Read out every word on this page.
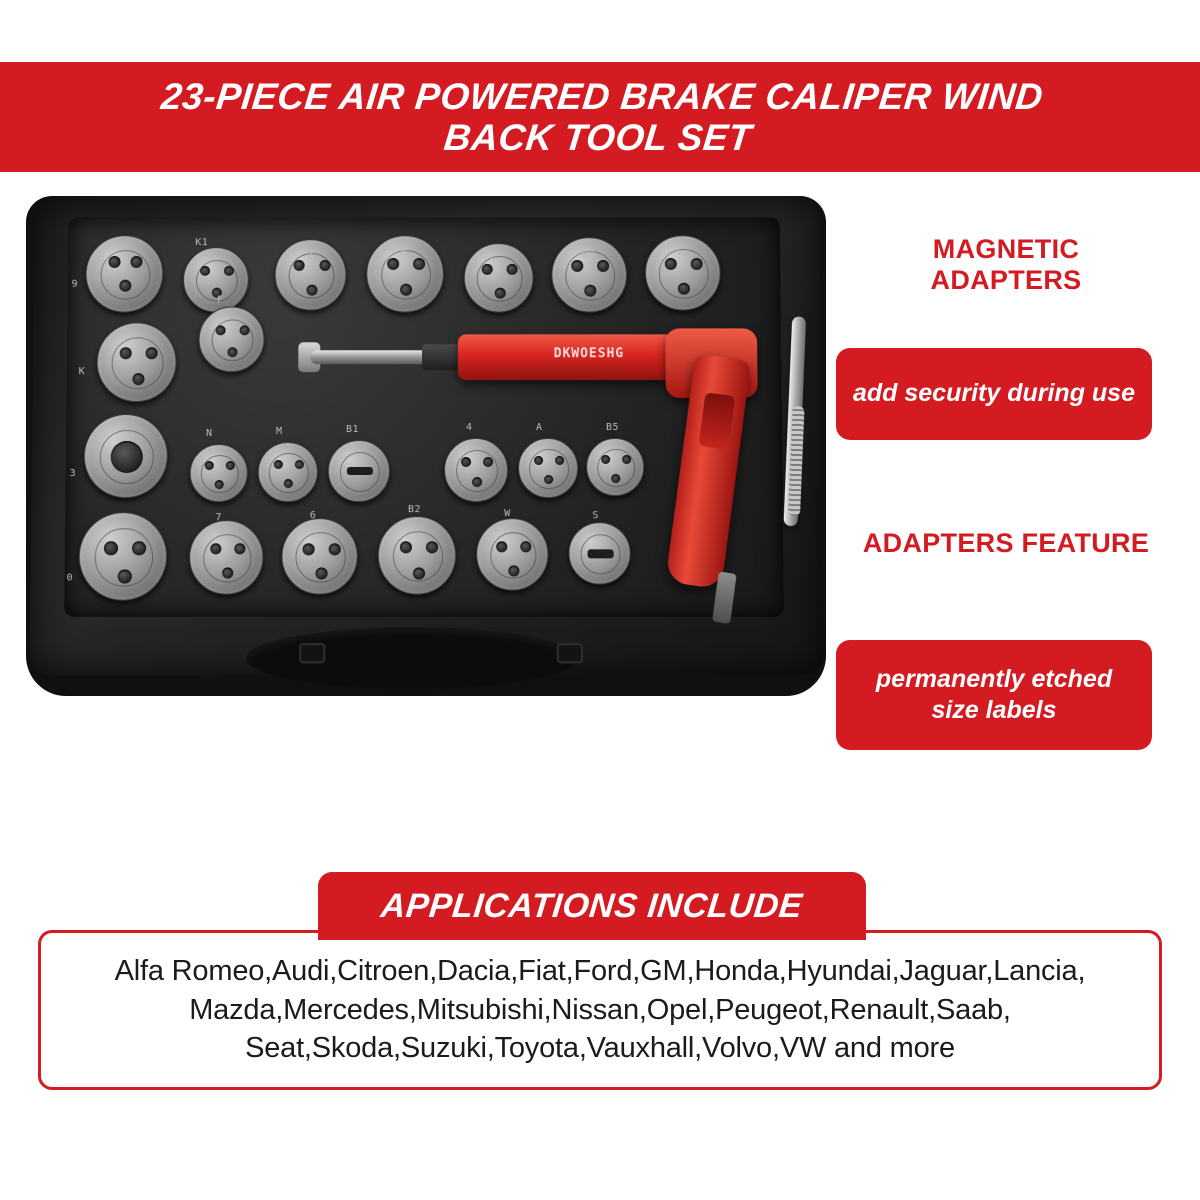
23-PIECE AIR POWERED BRAKE CALIPER WIND BACK TOOL SET
9
K1
2	8
32
B8	E
K
F
3
N	M	B1	4	A	B5
0
7	6
B2	W	S
DKWOESHG
MAGNETIC ADAPTERS
add security during use
ADAPTERS FEATURE
permanently etched size labels
APPLICATIONS INCLUDE
Alfa Romeo,Audi,Citroen,Dacia,Fiat,Ford,GM,Honda,Hyundai,Jaguar,Lancia,
Mazda,Mercedes,Mitsubishi,Nissan,Opel,Peugeot,Renault,Saab,
Seat,Skoda,Suzuki,Toyota,Vauxhall,Volvo,VW and more
